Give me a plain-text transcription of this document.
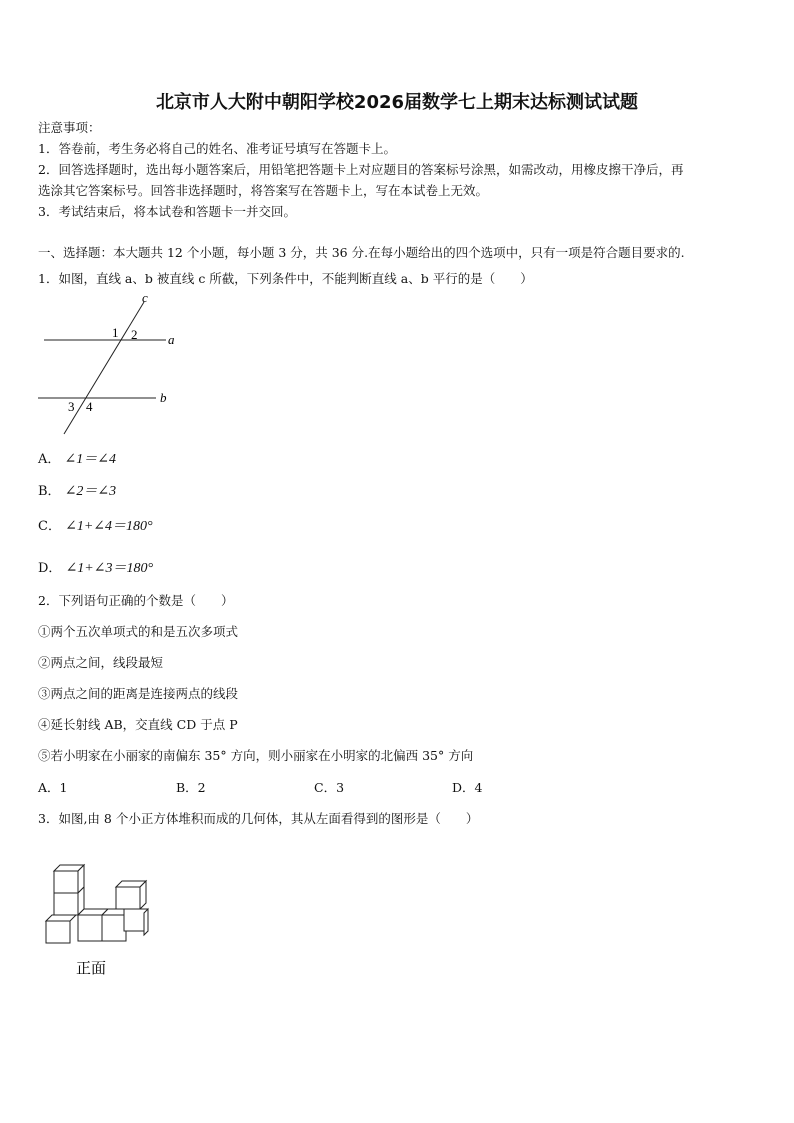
北京市人大附中朝阳学校2026届数学七上期末达标测试试题
注意事项：
1．答卷前，考生务必将自己的姓名、准考证号填写在答题卡上。
2．回答选择题时，选出每小题答案后，用铅笔把答题卡上对应题目的答案标号涂黑，如需改动，用橡皮擦干净后，再
选涂其它答案标号。回答非选择题时，将答案写在答题卡上，写在本试卷上无效。
3．考试结束后，将本试卷和答题卡一并交回。
一、选择题：本大题共 12 个小题，每小题 3 分，共 36 分.在每小题给出的四个选项中，只有一项是符合题目要求的.
1．如图，直线 a、b 被直线 c 所截，下列条件中，不能判断直线 a、b 平行的是（　　）
c
a
b
1 2
3 4
A． ∠1＝∠4
B． ∠2＝∠3
C． ∠1+∠4＝180°
D． ∠1+∠3＝180°
2．下列语句正确的个数是（　　）
①两个五次单项式的和是五次多项式
②两点之间，线段最短
③两点之间的距离是连接两点的线段
④延长射线 AB，交直线 CD 于点 P
⑤若小明家在小丽家的南偏东 35° 方向，则小丽家在小明家的北偏西 35° 方向
A．1	B．2	C．3	D．4
3．如图,由 8 个小正方体堆积而成的几何体，其从左面看得到的图形是（　　）
正面
